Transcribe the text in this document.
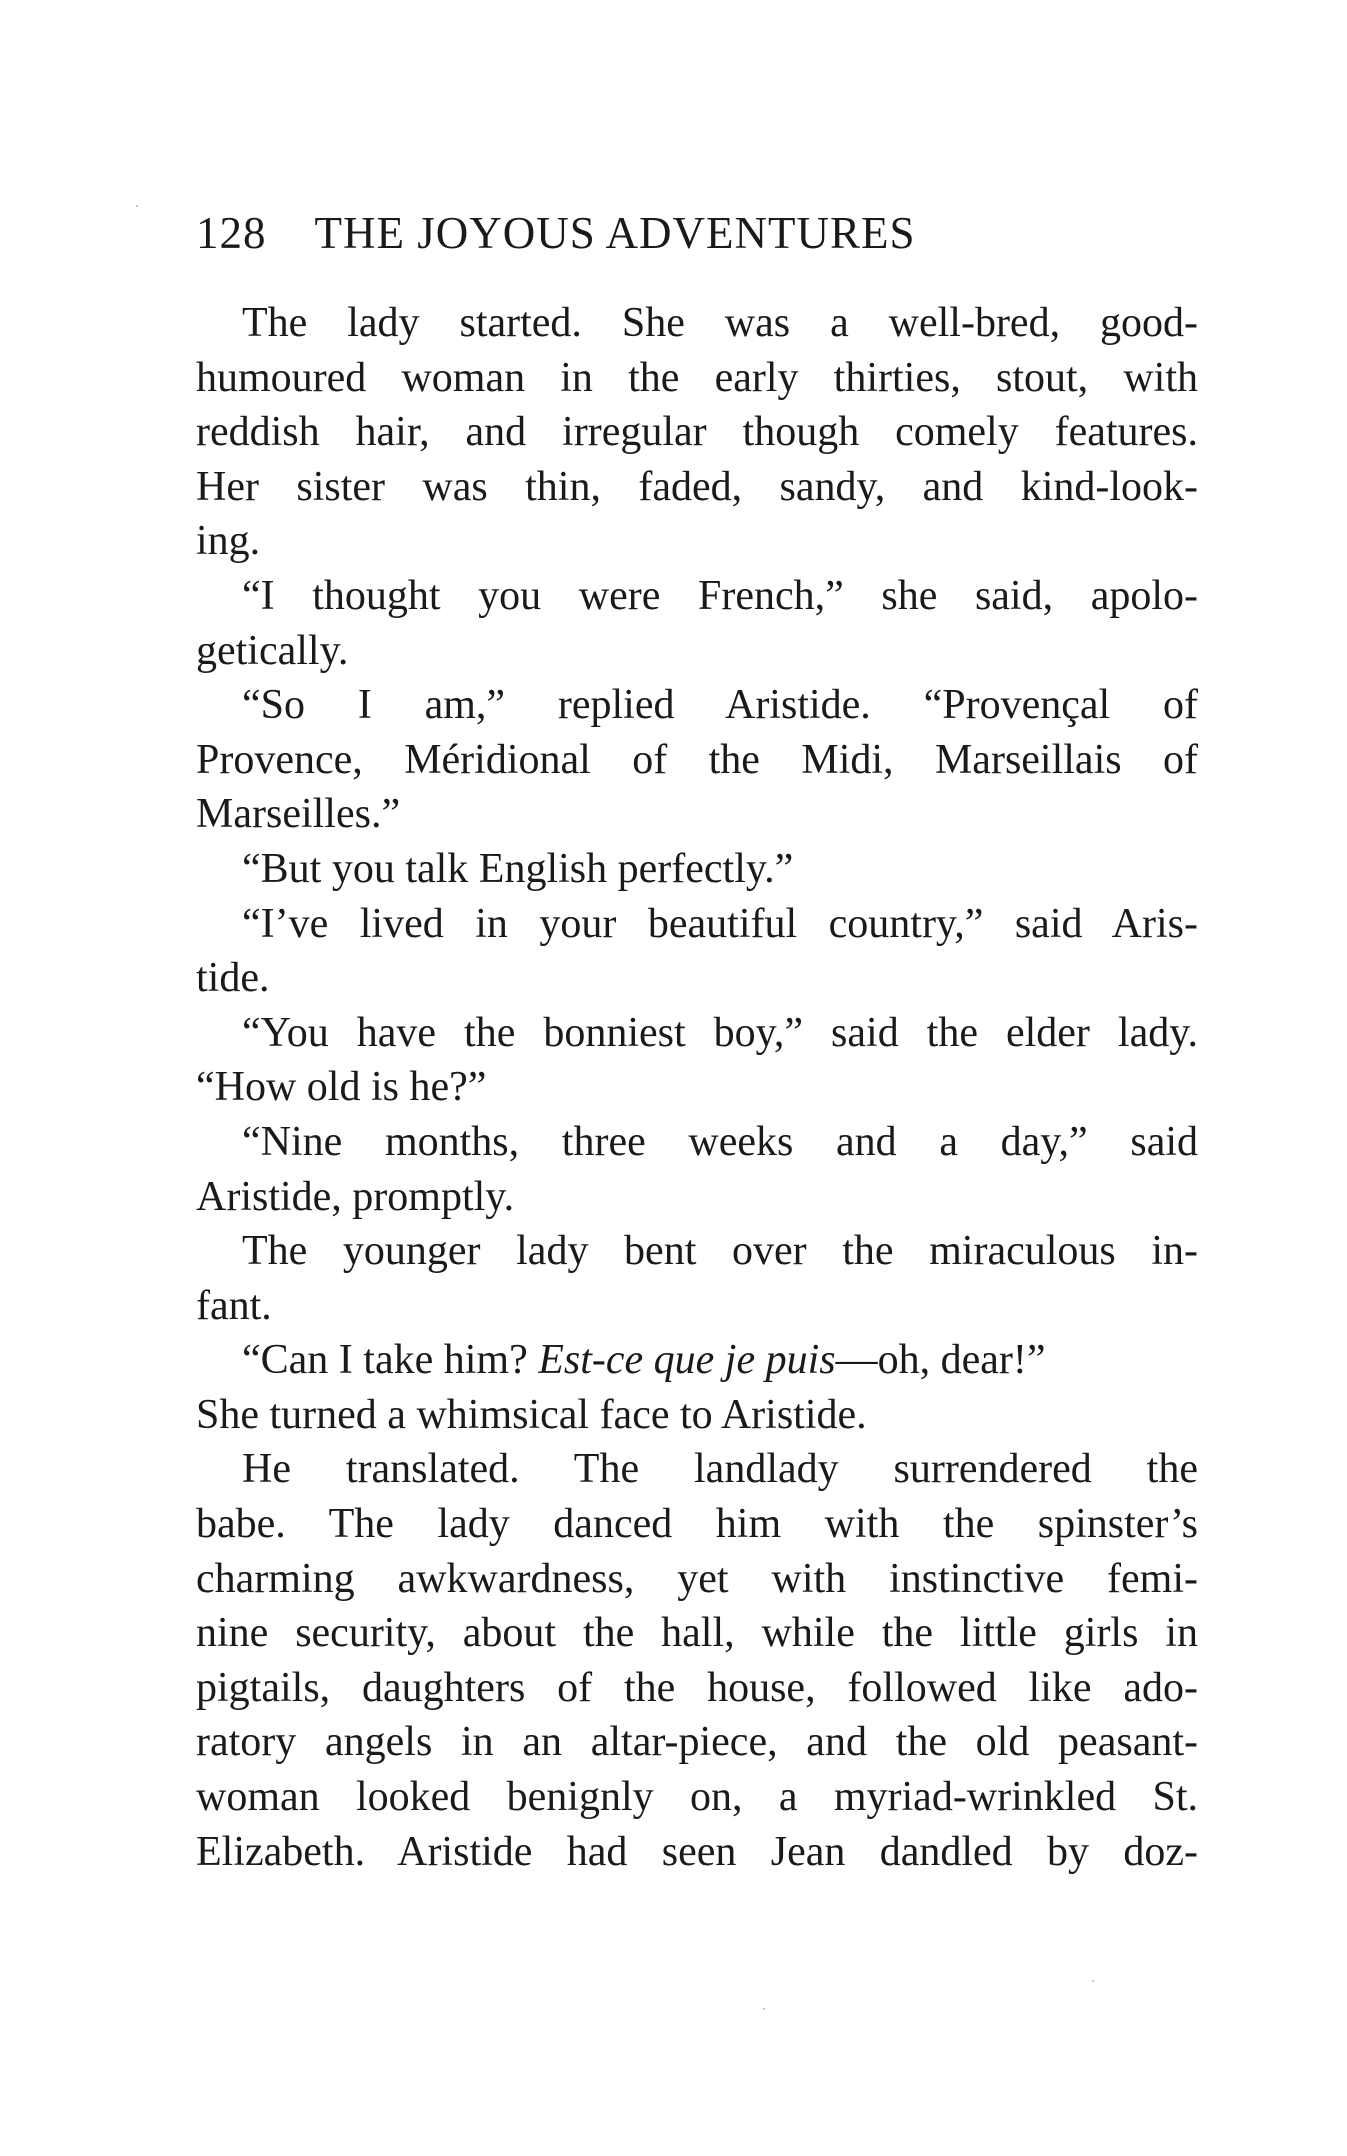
128 THE JOYOUS ADVENTURES
The lady started. She was a well-bred, good-
humoured woman in the early thirties, stout, with
reddish hair, and irregular though comely features.
Her sister was thin, faded, sandy, and kind-look-
ing.
“I thought you were French,” she said, apolo-
getically.
“So I am,” replied Aristide. “Provençal of
Provence, Méridional of the Midi, Marseillais of
Marseilles.”
“But you talk English perfectly.”
“I’ve lived in your beautiful country,” said Aris-
tide.
“You have the bonniest boy,” said the elder lady.
“How old is he?”
“Nine months, three weeks and a day,” said
Aristide, promptly.
The younger lady bent over the miraculous in-
fant.
“Can I take him? Est-ce que je puis—oh, dear!”
She turned a whimsical face to Aristide.
He translated. The landlady surrendered the
babe. The lady danced him with the spinster’s
charming awkwardness, yet with instinctive femi-
nine security, about the hall, while the little girls in
pigtails, daughters of the house, followed like ado-
ratory angels in an altar-piece, and the old peasant-
woman looked benignly on, a myriad-wrinkled St.
Elizabeth. Aristide had seen Jean dandled by doz-
